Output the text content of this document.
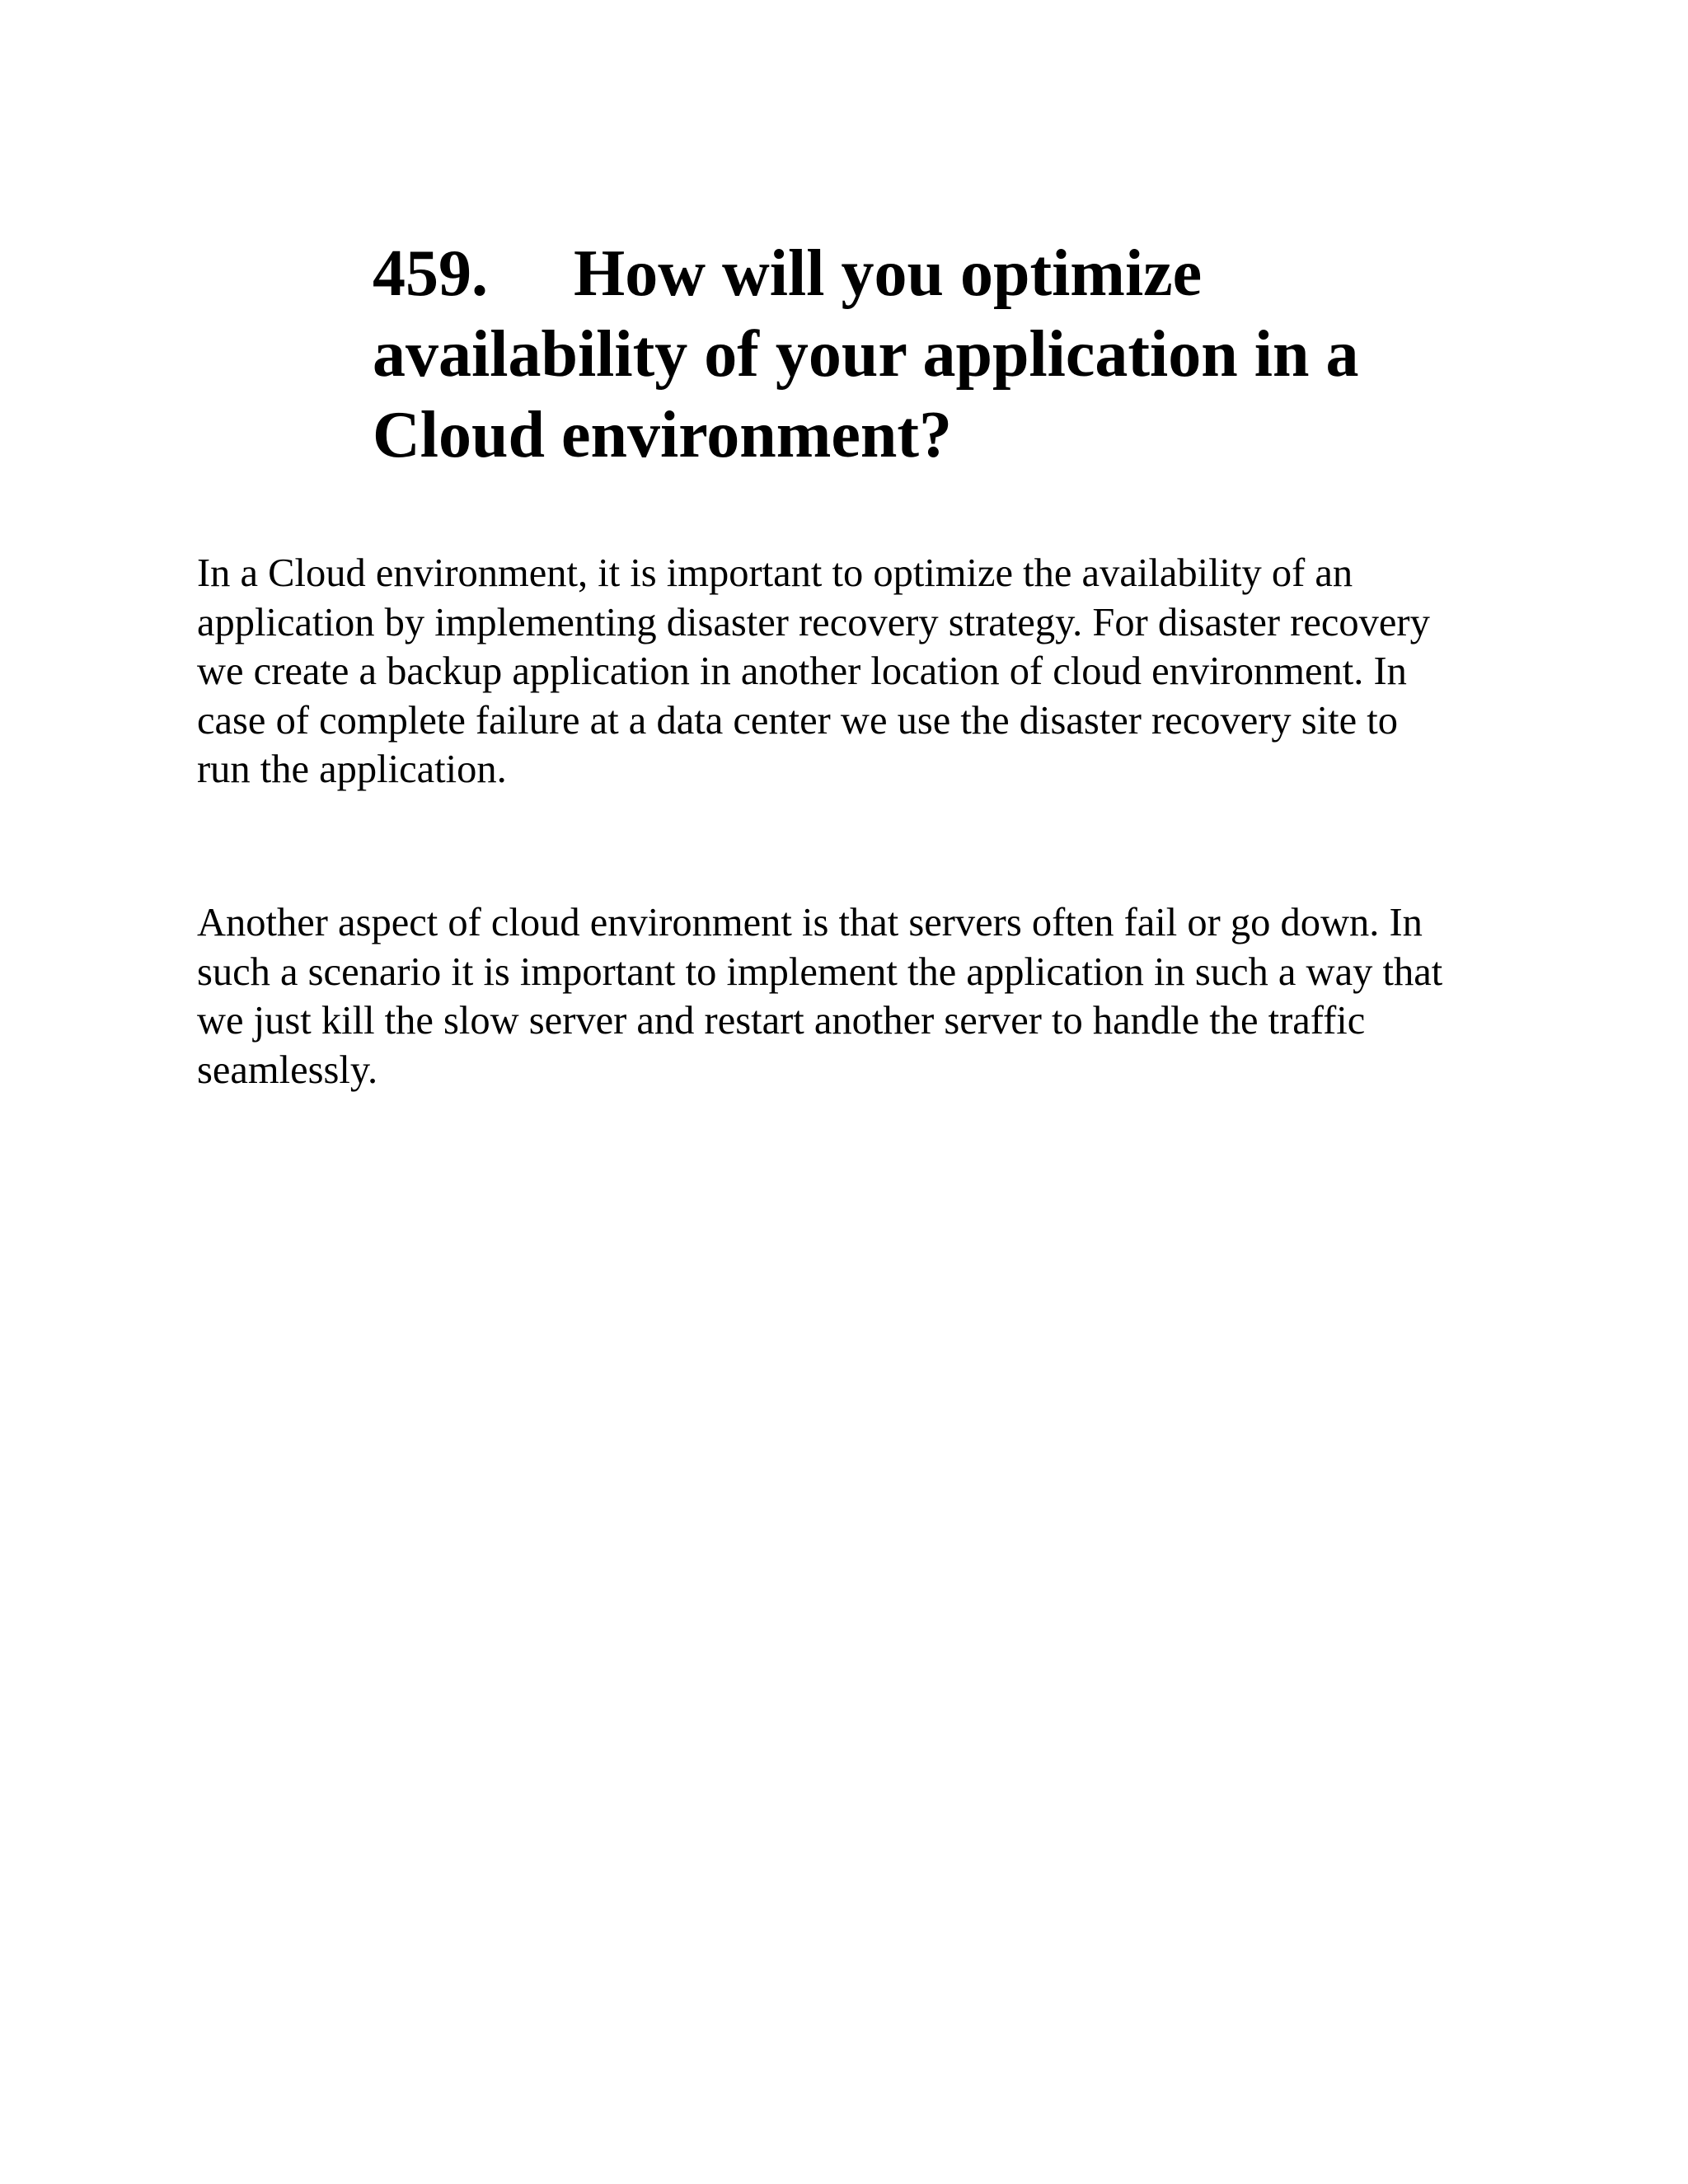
459. How will you optimize
availability of your application in a
Cloud environment?

In a Cloud environment, it is important to optimize the availability of an
application by implementing disaster recovery strategy. For disaster recovery
we create a backup application in another location of cloud environment. In
case of complete failure at a data center we use the disaster recovery site to
run the application.

Another aspect of cloud environment is that servers often fail or go down. In
such a scenario it is important to implement the application in such a way that
we just kill the slow server and restart another server to handle the traffic
seamlessly.
